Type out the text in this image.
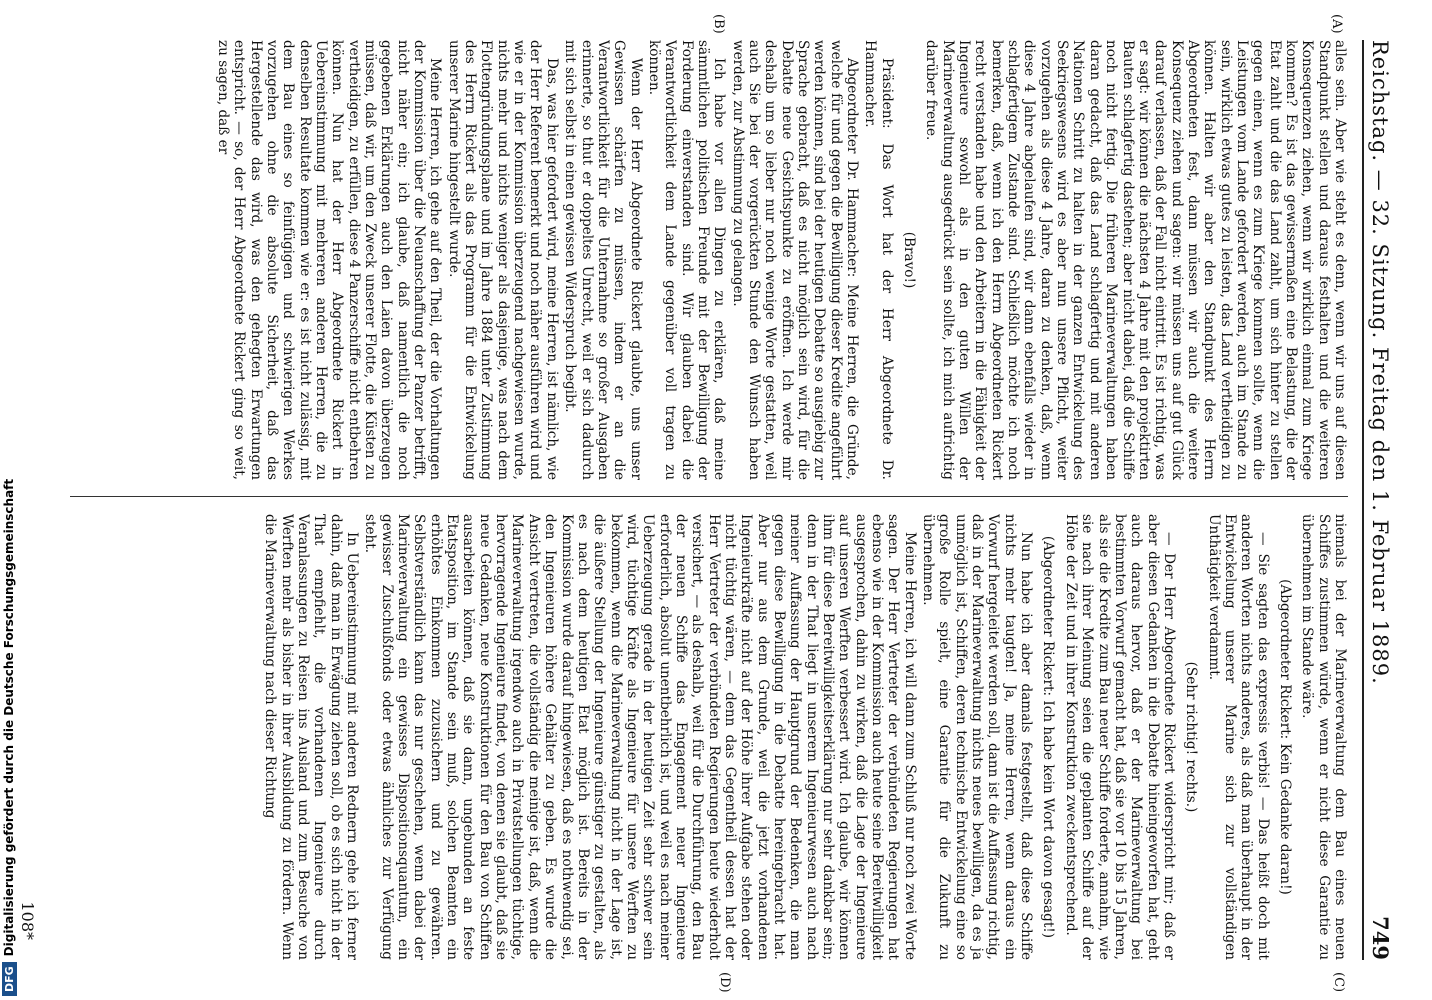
Reichstag. — 32. Sitzung. Freitag den 1. Februar 1889.
749
(A)
(B)
(C)
(D)

alles sein. Aber wie steht es denn, wenn wir uns auf diesen Standpunkt stellen und daraus festhalten und die weiteren Konsequenzen ziehen, wenn wir wirklich einmal zum Kriege kommen? Es ist das gewissermaßen eine Belastung, die der Etat zahlt und die das Land zahlt, um sich hinter zu stellen gegen einen, wenn es zum Kriege kommen sollte, wenn die Leistungen vom Lande gefordert werden, auch im Stande zu sein, wirklich etwas gutes zu leisten, das Land vertheidigen zu können. Halten wir aber den Standpunkt des Herrn Abgeordneten fest, dann müssen wir auch die weitere Konsequenz ziehen und sagen: wir müssen uns auf gut Glück darauf verlassen, daß der Fall nicht eintritt. Es ist richtig, was er sagt: wir können die nächsten 4 Jahre mit den projektirten Bauten schlagfertig dastehen; aber nicht dabei, daß die Schiffe noch nicht fertig. Die früheren Marineverwaltungen haben daran gedacht, daß das Land schlagfertig und mit anderen Nationen Schritt zu halten in der ganzen Entwickelung des Seekriegswesens wird es aber nun unsere Pflicht, weiter vorzugehen als diese 4 Jahre, daran zu denken, daß, wenn diese 4 Jahre abgelaufen sind, wir dann ebenfalls wieder in schlagfertigem Zustande sind. Schließlich möchte ich noch bemerken, daß, wenn ich den Herrn Abgeordneten Rickert recht verstanden habe und den Arbeitern in die Fähigkeit der Ingenieure sowohl als in den guten Willen der Marineverwaltung ausgedrückt sein sollte, ich mich aufrichtig darüber freue.

(Bravo!)

Präsident: Das Wort hat der Herr Abgeordnete Dr. Hammacher.

Abgeordneter Dr. Hammacher: Meine Herren, die Gründe, welche für und gegen die Bewilligung dieser Kredite angeführt werden können, sind bei der heutigen Debatte so ausgiebig zur Sprache gebracht, daß es nicht möglich sein wird, für die Debatte neue Gesichtspunkte zu eröffnen. Ich werde mir deshalb um so lieber nur noch wenige Worte gestatten, weil auch Sie bei der vorgerückten Stunde den Wunsch haben werden, zur Abstimmung zu gelangen.

Ich habe vor allen Dingen zu erklären, daß meine sämmtlichen politischen Freunde mit der Bewilligung der Forderung einverstanden sind. Wir glauben dabei die Verantwortlichkeit dem Lande gegenüber voll tragen zu können.

Wenn der Herr Abgeordnete Rickert glaubte, uns unser Gewissen schärfen zu müssen, indem er an die Verantwortlichkeit für die Unternahme so großer Ausgaben erinnerte, so thut er doppeltes Unrecht, weil er sich dadurch mit sich selbst in einen gewissen Widerspruch begibt.

Das, was hier gefordert wird, meine Herren, ist nämlich, wie der Herr Referent bemerkt und noch näher ausführen wird und wie er in der Kommission überzeugend nachgewiesen wurde, nichts mehr und nichts weniger als dasjenige, was nach dem Flottengründungsplane und im Jahre 1884 unter Zustimmung des Herrn Rickert als das Programm für die Entwickelung unserer Marine hingestellt wurde.

Meine Herren, ich gehe auf den Theil, der die Vorhaltungen der Kommission über die Neuanschaffung der Panzer betrifft, nicht näher ein; ich glaube, daß namentlich die noch gegebenen Erklärungen auch den Laien davon überzeugen müssen, daß wir, um den Zweck unserer Flotte, die Küsten zu vertheidigen, zu erfüllen, diese 4 Panzerschiffe nicht entbehren können. Nun hat der Herr Abgeordnete Rickert in Uebereinstimmung mit mehreren anderen Herren, die zu denselben Resultate kommen wie er: es ist nicht zulässig, mit dem Bau eines so feinfügigen und schwierigen Werkes vorzugehen ohne die absolute Sicherheit, daß das Hergestellende das wird, was den gehegten Erwartungen entspricht. — so, der Herr Abgeordnete Rickert ging so weit, zu sagen, daß er

niemals bei der Marineverwaltung dem Bau eines neuen Schiffes zustimmen würde, wenn er nicht diese Garantie zu übernehmen im Stande wäre.

(Abgeordneter Rickert: Kein Gedanke daran!)

— Sie sagten das expressis verbis! — Das heißt doch mit anderen Worten nichts anderes, als daß man überhaupt in der Entwickelung unserer Marine sich zur vollständigen Unthätigkeit verdammt.

(Sehr richtig! rechts.)

— Der Herr Abgeordnete Rickert widerspricht mir; daß er aber diesen Gedanken in die Debatte hineingeworfen hat, geht auch daraus hervor, daß er der Marineverwaltung bei bestimmten Vorwurf gemacht hat, daß sie vor 10 bis 15 Jahren, als sie die Kredite zum Bau neuer Schiffe forderte, annahm, wie sie nach ihrer Meinung seien die geplanten Schiffe auf der Höhe der Zeit und in ihrer Konstruktion zweckentsprechend.

(Abgeordneter Rickert: Ich habe kein Wort davon gesagt!)

Nun habe ich aber damals festgestellt, daß diese Schiffe nichts mehr taugten! Ja, meine Herren, wenn daraus ein Vorwurf hergeleitet werden soll, dann ist die Auffassung richtig, daß in der Marineverwaltung nichts neues bewilligen, da es ja unmöglich ist, Schiffen, deren technische Entwickelung eine so große Rolle spielt, eine Garantie für die Zukunft zu übernehmen.

Meine Herren, ich will dann zum Schluß nur noch zwei Worte sagen. Der Herr Vertreter der verbündeten Regierungen hat ebenso wie in der Kommission auch heute seine Bereitwilligkeit ausgesprochen, dahin zu wirken, daß die Lage der Ingenieure auf unseren Werften verbessert wird. Ich glaube, wir können ihm für diese Bereitwilligkeitserklärung nur sehr dankbar sein; denn in der That liegt in unserem Ingenieurwesen auch nach meiner Auffassung der Hauptgrund der Bedenken, die man gegen diese Bewilligung in die Debatte hereingebracht hat. Aber nur aus dem Grunde, weil die jetzt vorhandenen Ingenieurkräfte nicht auf der Höhe ihrer Aufgabe stehen oder nicht tüchtig wären, — denn das Gegentheil dessen hat der Herr Vertreter der verbündeten Regierungen heute wiederholt versichert, — als deshalb, weil für die Durchführung, den Bau der neuen Schiffe das Engagement neuer Ingenieure erforderlich, absolut unentbehrlich ist, und weil es nach meiner Ueberzeugung gerade in der heutigen Zeit sehr schwer sein wird, tüchtige Kräfte als Ingenieure für unsere Werften zu bekommen, wenn die Marineverwaltung nicht in der Lage ist, die äußere Stellung der Ingenieure günstiger zu gestalten, als es nach dem heutigen Etat möglich ist. Bereits in der Kommission wurde darauf hingewiesen, daß es nothwendig sei, den Ingenieuren höhere Gehälter zu geben. Es wurde die Ansicht vertreten, die vollständig die meinige ist, daß, wenn die Marineverwaltung irgendwo auch in Privatstellungen tüchtige, hervorragende Ingenieure findet, von denen sie glaubt, daß sie neue Gedanken, neue Konstruktionen für den Bau von Schiffen ausarbeiten können, daß sie dann, ungebunden an feste Etatsposition, im Stande sein muß, solchen Beamten ein erhöhtes Einkommen zuzusichern und zu gewähren. Selbstverständlich kann das nur geschehen, wenn dabei der Marineverwaltung ein gewisses Dispositionsquantum, ein gewisser Zuschußfonds oder etwas ähnliches zur Verfügung steht.

In Uebereinstimmung mit anderen Rednern gehe ich ferner dahin, daß man in Erwägung ziehen soll, ob es sich nicht in der That empfiehlt, die vorhandenen Ingenieure durch Veranlassungen zu Reisen ins Ausland und zum Besuche von Werften mehr als bisher in ihrer Ausbildung zu fördern. Wenn die Marineverwaltung nach dieser Richtung

108*
DFGDigitalisierung gefördert durch die Deutsche Forschungsgemeinschaft
